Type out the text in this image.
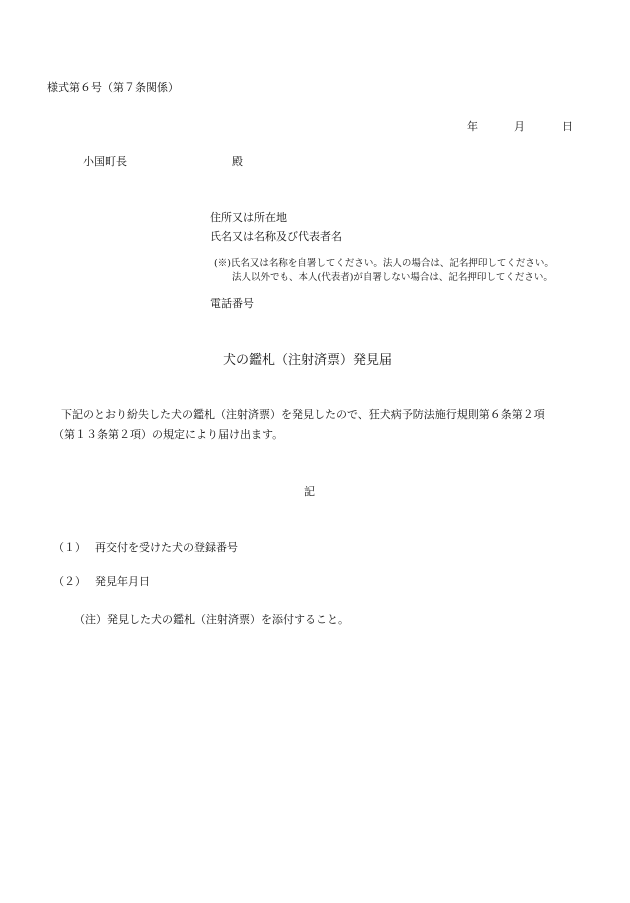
様式第６号（第７条関係）
年	月	日
小国町長	殿
住所又は所在地
氏名又は名称及び代表者名
(※)氏名又は名称を自署してください。法人の場合は、記名押印してください。
法人以外でも、本人(代表者)が自署しない場合は、記名押印してください。
電話番号
犬の鑑札（注射済票）発見届
下記のとおり紛失した犬の鑑札（注射済票）を発見したので、狂犬病予防法施行規則第６条第２項
（第１３条第２項）の規定により届け出ます。
記
（１） 再交付を受けた犬の登録番号
（２） 発見年月日
（注）発見した犬の鑑札（注射済票）を添付すること。
